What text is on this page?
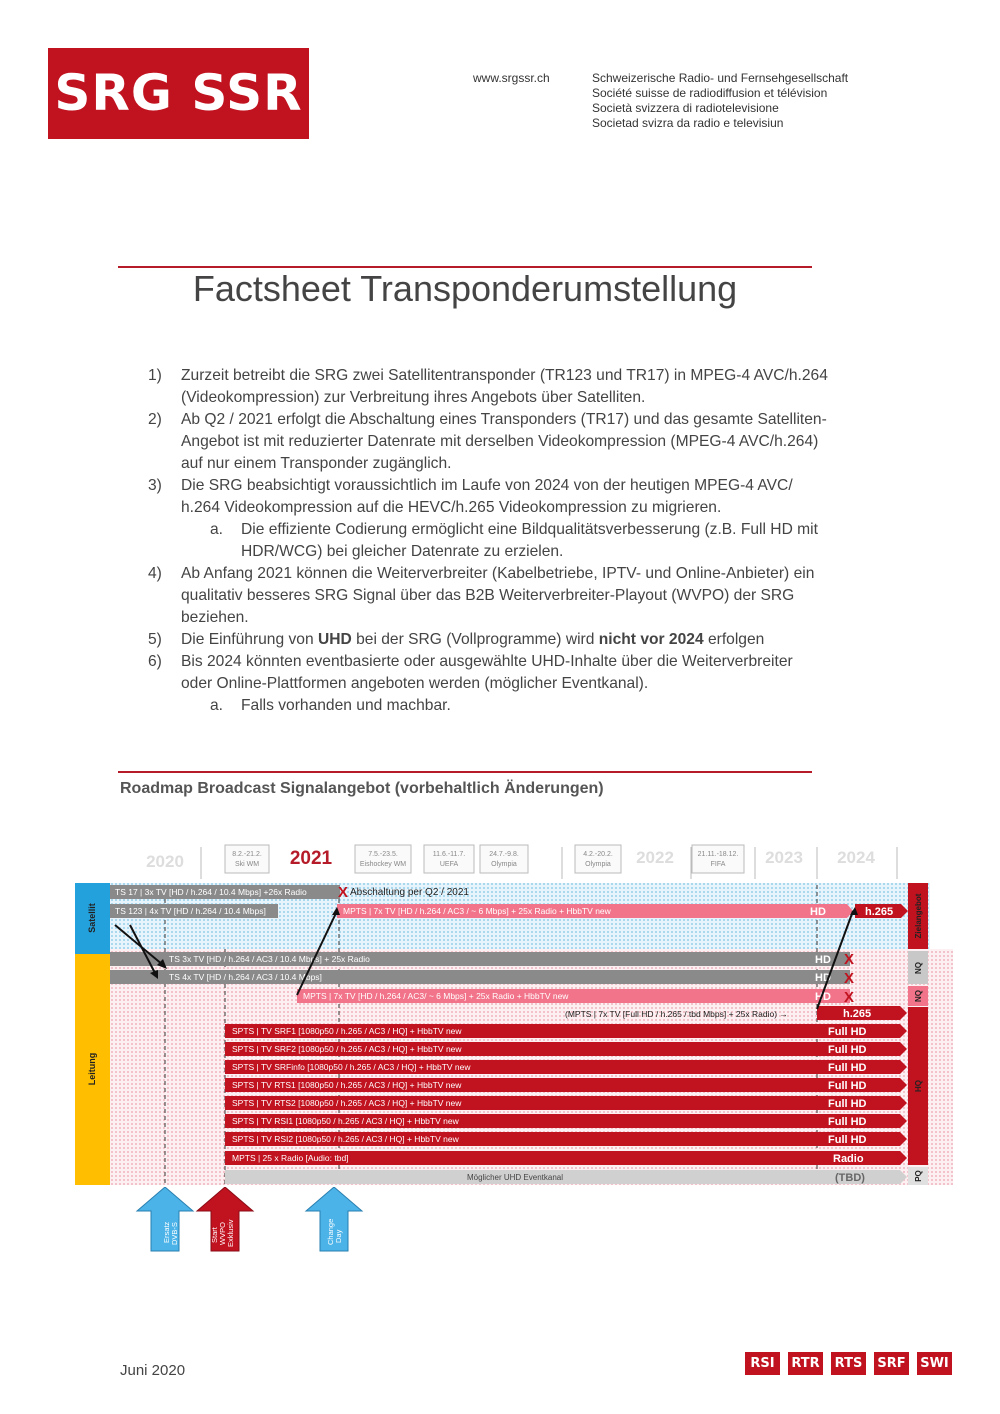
SRG SSR	www.srgssr.ch	Schweizerische Radio- und Fernsehgesellschaft
Société suisse de radiodiffusion et télévision
Società svizzera di radiotelevisione
Societad svizra da radio e televisiun
Factsheet Transponderumstellung
1) Zurzeit betreibt die SRG zwei Satellitentransponder (TR123 und TR17) in MPEG-4 AVC/h.264 (Videokompression) zur Verbreitung ihres Angebots über Satelliten.
2) Ab Q2 / 2021 erfolgt die Abschaltung eines Transponders (TR17) und das gesamte Satelliten-Angebot ist mit reduzierter Datenrate mit derselben Videokompression (MPEG-4 AVC/h.264) auf nur einem Transponder zugänglich.
3) Die SRG beabsichtigt voraussichtlich im Laufe von 2024 von der heutigen MPEG-4 AVC/ h.264 Videokompression auf die HEVC/h.265 Videokompression zu migrieren.
a. Die effiziente Codierung ermöglicht eine Bildqualitätsverbesserung (z.B. Full HD mit HDR/WCG) bei gleicher Datenrate zu erzielen.
4) Ab Anfang 2021 können die Weiterverbreiter (Kabelbetriebe, IPTV- und Online-Anbieter) ein qualitativ besseres SRG Signal über das B2B Weiterverbreiter-Playout (WVPO) der SRG beziehen.
5) Die Einführung von UHD bei der SRG (Vollprogramme) wird nicht vor 2024 erfolgen
6) Bis 2024 könnten eventbasierte oder ausgewählte UHD-Inhalte über die Weiterverbreiter oder Online-Plattformen angeboten werden (möglicher Eventkanal).
a. Falls vorhanden und machbar.
Roadmap Broadcast Signalangebot (vorbehaltlich Änderungen)
2020	2021	2022	2023 2024
8.2.-21.2.
Ski WM
7.5.-23.5.
Eishockey WM
11.6.-11.7.
UEFA
24.7.-9.8.
Olympia
4.2.-20.2.
Olympia
21.11.-18.12.
FIFA
Satellit
Leitung
TS 17 | 3x TV [HD / h.264 / 10.4 Mbps] +26x Radio X Abschaltung per Q2 / 2021
TS 123 | 4x TV [HD / h.264 / 10.4 Mbps]	MPTS | 7x TV [HD / h.264 / AC3 / ~ 6 Mbps] + 25x Radio + HbbTV new	HD	h.265	Zielangebot
NQ
NQ
HQ
PQ
TS 3x TV [HD / h.264 / AC3 / 10.4 Mbps] + 25x Radio	HD X
TS 4x TV [HD / h.264 / AC3 / 10.4 Mbps]	HD X
MPTS | 7x TV [HD / h.264 / AC3/ ~ 6 Mbps] + 25x Radio + HbbTV new	HD X
(MPTS | 7x TV [Full HD / h.265 / tbd Mbps] + 25x Radio) →	h.265
SPTS | TV SRF1 [1080p50 / h.265 / AC3 / HQ] + HbbTV new	Full HD
SPTS | TV SRF2 [1080p50 / h.265 / AC3 / HQ] + HbbTV new	Full HD
SPTS | TV SRFinfo [1080p50 / h.265 / AC3 / HQ] + HbbTV new	Full HD
SPTS | TV RTS1 [1080p50 / h.265 / AC3 / HQ] + HbbTV new	Full HD
SPTS | TV RTS2 [1080p50 / h.265 / AC3 / HQ] + HbbTV new	Full HD
SPTS | TV RSI1 [1080p50 / h.265 / AC3 / HQ] + HbbTV new	Full HD
SPTS | TV RSI2 [1080p50 / h.265 / AC3 / HQ] + HbbTV new	Full HD
MPTS | 25 x Radio [Audio: tbd]	Radio
Möglicher UHD Eventkanal	(TBD)
Ersatz DVB-S Playout	Start WVPO Exklusiv	Change Day
Juni 2020	RSI	RTR RTS SRF SWI
